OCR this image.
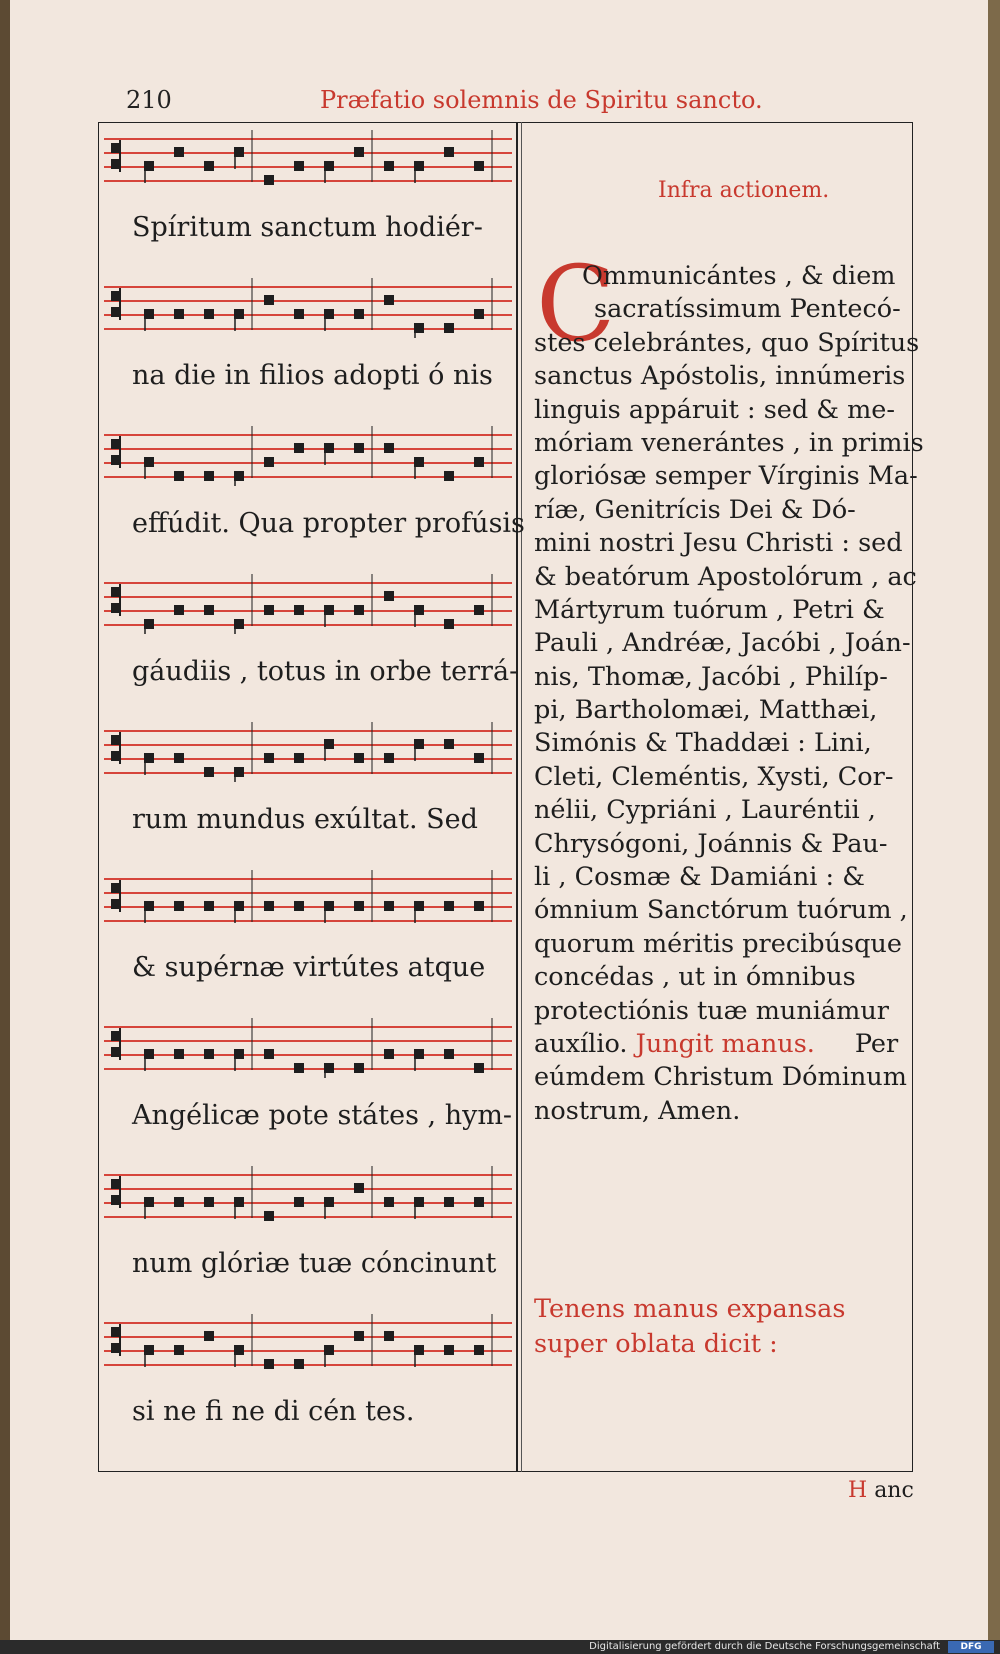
210	Præfatio solemnis de Spiritu sancto.
Spíritum sanctum hodiér-
na die in filios adopti ó nis
effúdit. Qua propter profúsis
gáudiis , totus in orbe terrá-
rum mundus exúltat. Sed
& supérnæ virtútes atque
Angélicæ pote státes , hym-
num glóriæ tuæ cóncinunt
si ne fi ne di cén tes.
Infra actionem.
C
Ommunicántes , & diem
sacratíssimum Pentecó-
stes celebrántes, quo Spíritus
sanctus Apóstolis, innúmeris
linguis appáruit : sed & me-
móriam venerántes , in primis
gloriósæ semper Vírginis Ma-
ríæ, Genitrícis Dei & Dó-
mini nostri Jesu Christi : sed
& beatórum Apostolórum , ac
Mártyrum tuórum , Petri &
Pauli , Andréæ, Jacóbi , Joán-
nis, Thomæ, Jacóbi , Philíp-
pi, Bartholomæi, Matthæi,
Simónis & Thaddæi : Lini,
Cleti, Cleméntis, Xysti, Cor-
nélii, Cypriáni , Lauréntii ,
Chrysógoni, Joánnis & Pau-
li , Cosmæ & Damiáni : &
ómnium Sanctórum tuórum ,
quorum méritis precibúsque
concédas , ut in ómnibus
protectiónis tuæ muniámur
auxílio. Jungit manus. Per
eúmdem Christum Dóminum
nostrum, Amen.
Tenens manus expansas
super oblata dicit :
H anc
Digitalisierung gefördert durch die Deutsche Forschungsgemeinschaft	DFG
